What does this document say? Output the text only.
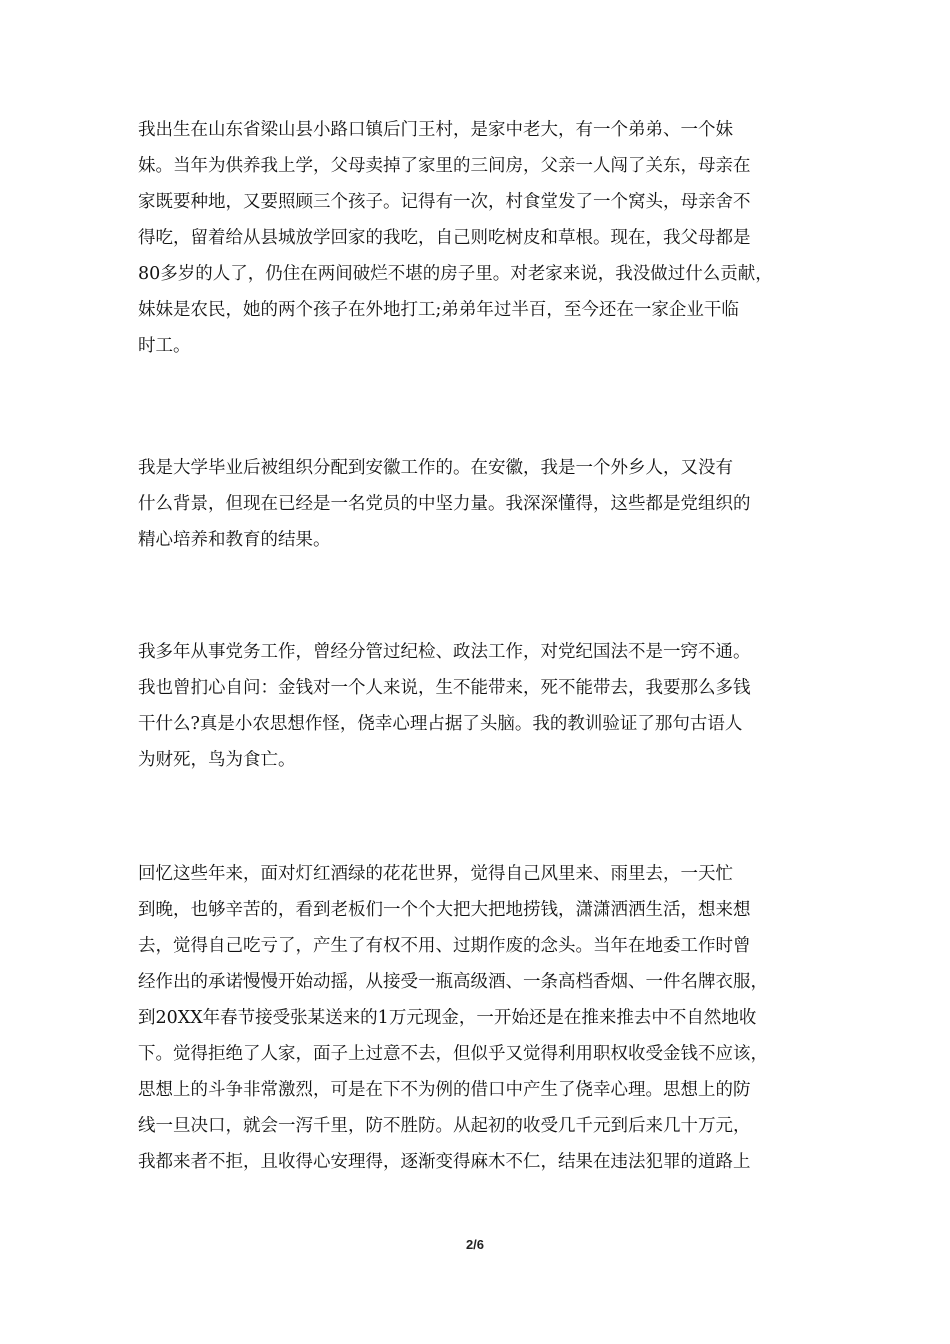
我出生在山东省梁山县小路口镇后门王村，是家中老大，有一个弟弟、一个妹
妹。当年为供养我上学，父母卖掉了家里的三间房，父亲一人闯了关东，母亲在
家既要种地，又要照顾三个孩子。记得有一次，村食堂发了一个窝头，母亲舍不
得吃，留着给从县城放学回家的我吃，自己则吃树皮和草根。现在，我父母都是
80多岁的人了，仍住在两间破烂不堪的房子里。对老家来说，我没做过什么贡献，
妹妹是农民，她的两个孩子在外地打工;弟弟年过半百，至今还在一家企业干临
时工。
我是大学毕业后被组织分配到安徽工作的。在安徽，我是一个外乡人，又没有
什么背景，但现在已经是一名党员的中坚力量。我深深懂得，这些都是党组织的
精心培养和教育的结果。
我多年从事党务工作，曾经分管过纪检、政法工作，对党纪国法不是一窍不通。
我也曾扪心自问：金钱对一个人来说，生不能带来，死不能带去，我要那么多钱
干什么?真是小农思想作怪，侥幸心理占据了头脑。我的教训验证了那句古语人
为财死，鸟为食亡。
回忆这些年来，面对灯红酒绿的花花世界，觉得自己风里来、雨里去，一天忙
到晚，也够辛苦的，看到老板们一个个大把大把地捞钱，潇潇洒洒生活，想来想
去，觉得自己吃亏了，产生了有权不用、过期作废的念头。当年在地委工作时曾
经作出的承诺慢慢开始动摇，从接受一瓶高级酒、一条高档香烟、一件名牌衣服，
到20XX年春节接受张某送来的1万元现金，一开始还是在推来推去中不自然地收
下。觉得拒绝了人家，面子上过意不去，但似乎又觉得利用职权收受金钱不应该，
思想上的斗争非常激烈，可是在下不为例的借口中产生了侥幸心理。思想上的防
线一旦决口，就会一泻千里，防不胜防。从起初的收受几千元到后来几十万元，
我都来者不拒，且收得心安理得，逐渐变得麻木不仁，结果在违法犯罪的道路上
2/6
